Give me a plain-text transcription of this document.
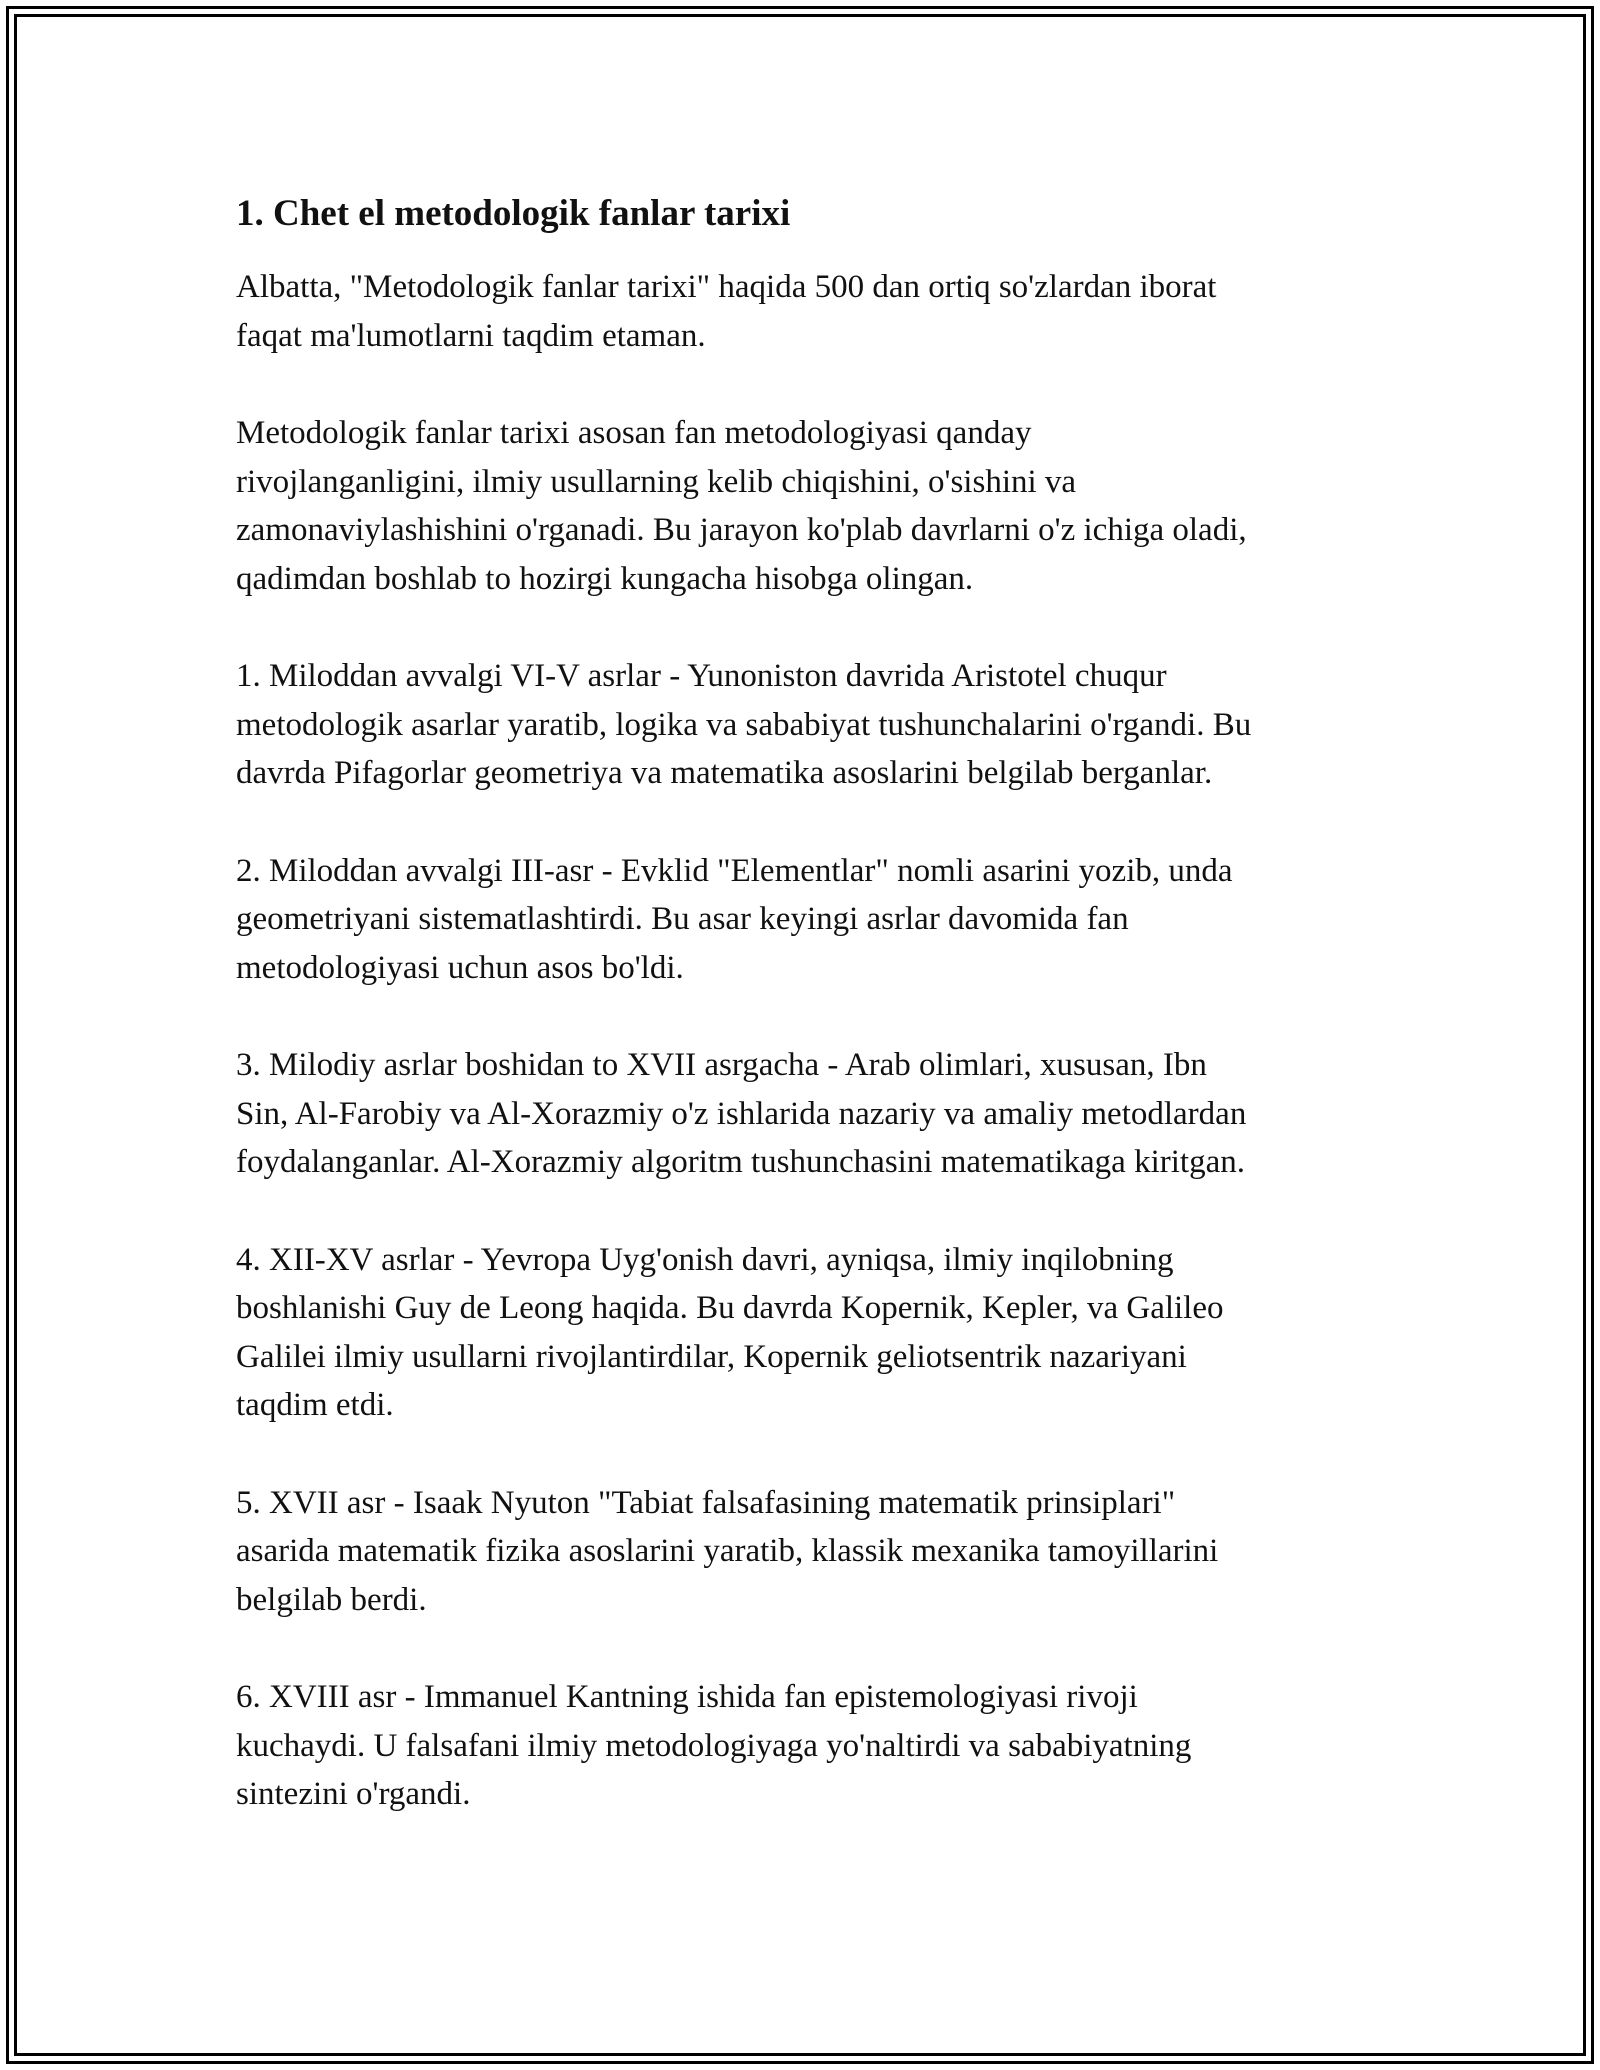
1. Chet el metodologik fanlar tarixi

Albatta, "Metodologik fanlar tarixi" haqida 500 dan ortiq so'zlardan iborat
faqat ma'lumotlarni taqdim etaman.

Metodologik fanlar tarixi asosan fan metodologiyasi qanday
rivojlanganligini, ilmiy usullarning kelib chiqishini, o'sishini va
zamonaviylashishini o'rganadi. Bu jarayon ko'plab davrlarni o'z ichiga oladi,
qadimdan boshlab to hozirgi kungacha hisobga olingan.

1. Miloddan avvalgi VI-V asrlar - Yunoniston davrida Aristotel chuqur
metodologik asarlar yaratib, logika va sababiyat tushunchalarini o'rgandi. Bu
davrda Pifagorlar geometriya va matematika asoslarini belgilab berganlar.

2. Miloddan avvalgi III-asr - Evklid "Elementlar" nomli asarini yozib, unda
geometriyani sistematlashtirdi. Bu asar keyingi asrlar davomida fan
metodologiyasi uchun asos bo'ldi.

3. Milodiy asrlar boshidan to XVII asrgacha - Arab olimlari, xususan, Ibn
Sin, Al-Farobiy va Al-Xorazmiy o'z ishlarida nazariy va amaliy metodlardan
foydalanganlar. Al-Xorazmiy algoritm tushunchasini matematikaga kiritgan.

4. XII-XV asrlar - Yevropa Uyg'onish davri, ayniqsa, ilmiy inqilobning
boshlanishi Guy de Leong haqida. Bu davrda Kopernik, Kepler, va Galileo
Galilei ilmiy usullarni rivojlantirdilar, Kopernik geliotsentrik nazariyani
taqdim etdi.

5. XVII asr - Isaak Nyuton "Tabiat falsafasining matematik prinsiplari"
asarida matematik fizika asoslarini yaratib, klassik mexanika tamoyillarini
belgilab berdi.

6. XVIII asr - Immanuel Kantning ishida fan epistemologiyasi rivoji
kuchaydi. U falsafani ilmiy metodologiyaga yo'naltirdi va sababiyatning
sintezini o'rgandi.
